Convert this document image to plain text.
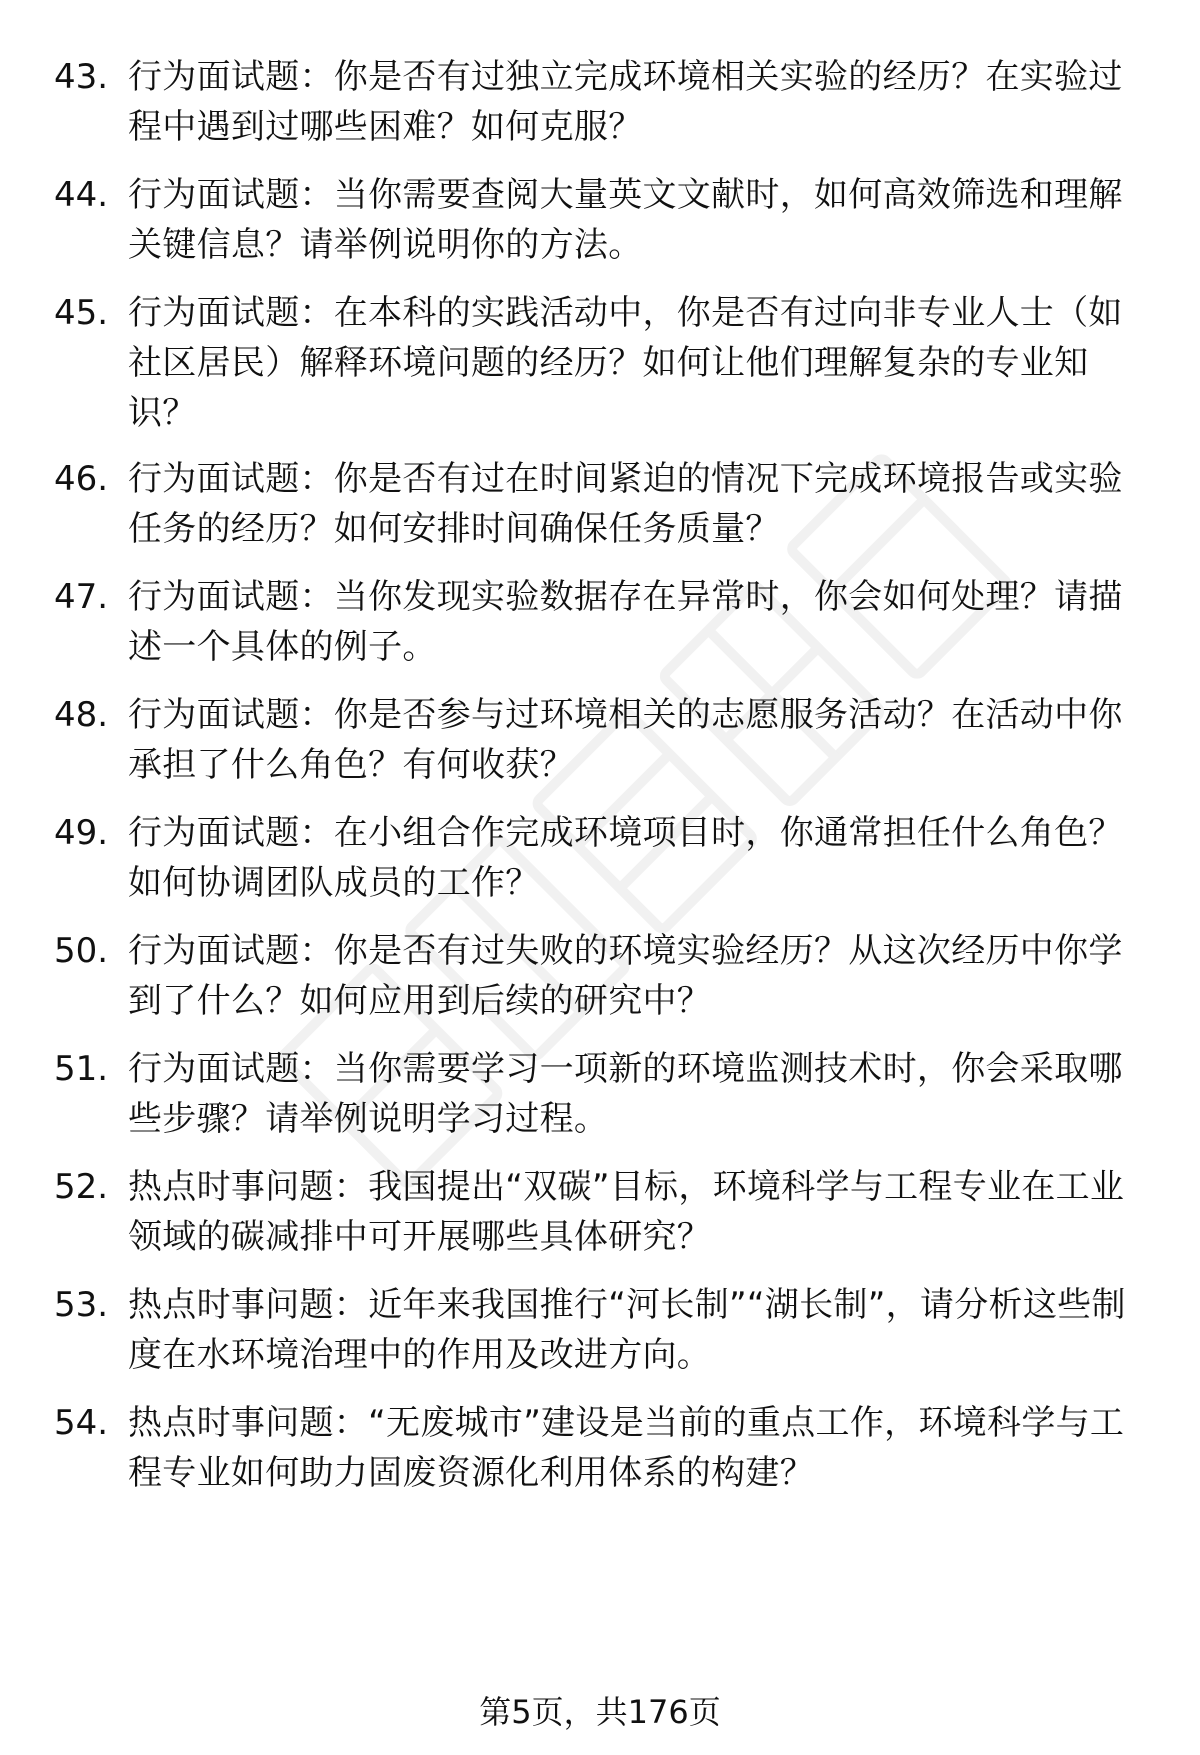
43. 行为面试题：你是否有过独立完成环境相关实验的经历？在实验过程中遇到过哪些困难？如何克服？
44. 行为面试题：当你需要查阅大量英文文献时，如何高效筛选和理解关键信息？请举例说明你的方法。
45. 行为面试题：在本科的实践活动中，你是否有过向非专业人士（如社区居民）解释环境问题的经历？如何让他们理解复杂的专业知识？
46. 行为面试题：你是否有过在时间紧迫的情况下完成环境报告或实验任务的经历？如何安排时间确保任务质量？
47. 行为面试题：当你发现实验数据存在异常时，你会如何处理？请描述一个具体的例子。
48. 行为面试题：你是否参与过环境相关的志愿服务活动？在活动中你承担了什么角色？有何收获？
49. 行为面试题：在小组合作完成环境项目时，你通常担任什么角色？如何协调团队成员的工作？
50. 行为面试题：你是否有过失败的环境实验经历？从这次经历中你学到了什么？如何应用到后续的研究中？
51. 行为面试题：当你需要学习一项新的环境监测技术时，你会采取哪些步骤？请举例说明学习过程。
52. 热点时事问题：我国提出“双碳”目标，环境科学与工程专业在工业领域的碳减排中可开展哪些具体研究？
53. 热点时事问题：近年来我国推行“河长制”“湖长制”，请分析这些制度在水环境治理中的作用及改进方向。
54. 热点时事问题：“无废城市”建设是当前的重点工作，环境科学与工程专业如何助力固废资源化利用体系的构建？
第5页，共176页
